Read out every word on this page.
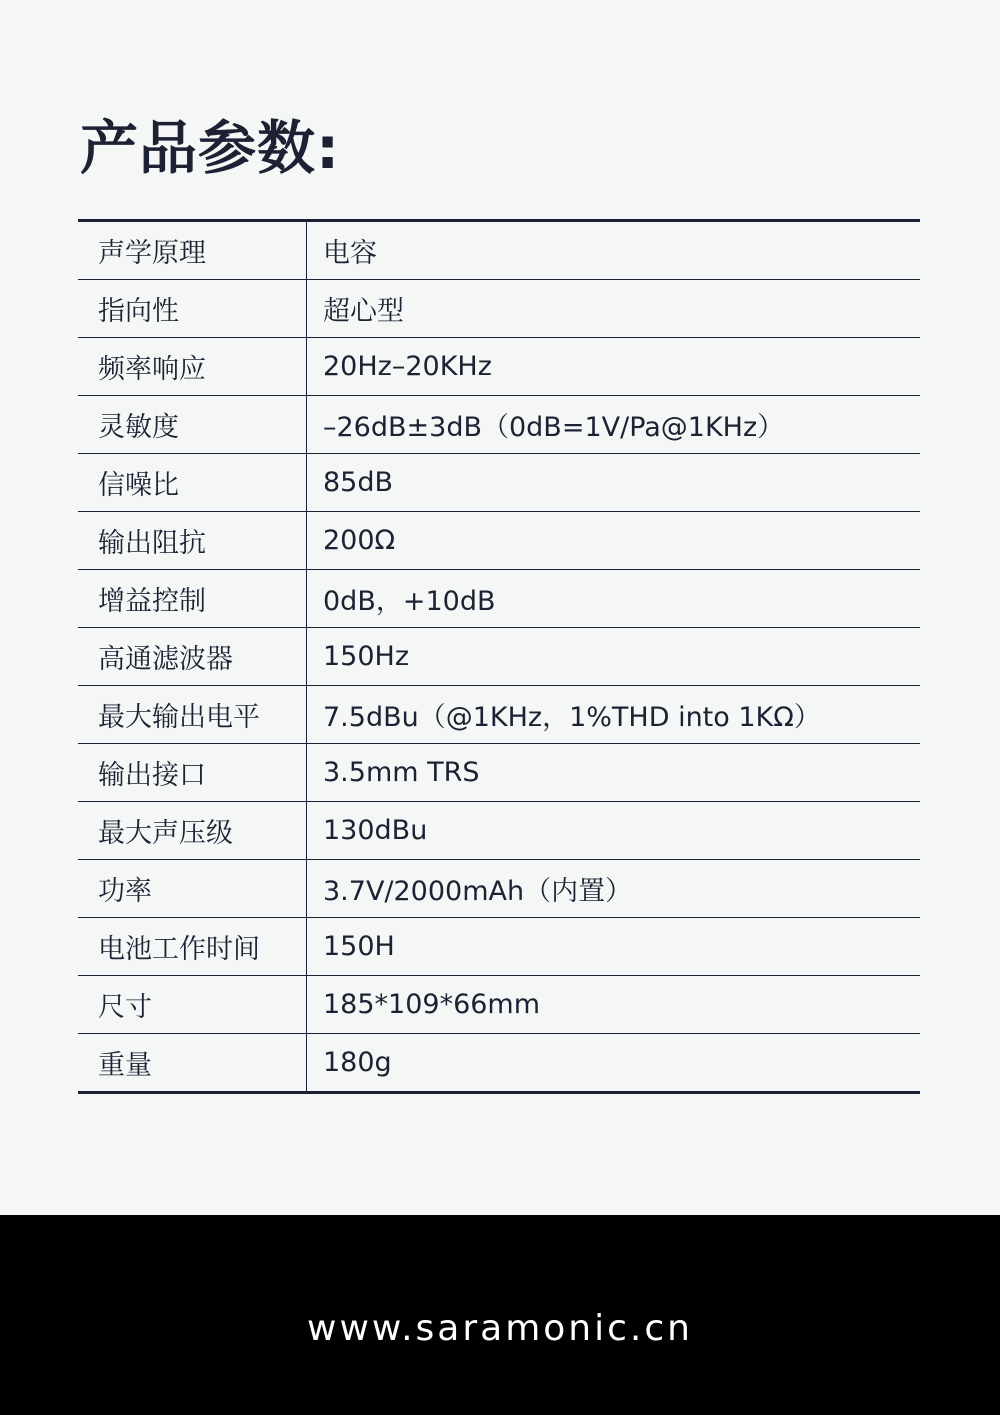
产品参数:
声学原理	电容
指向性	超心型
频率响应	20Hz–20KHz
灵敏度	–26dB±3dB（0dB=1V/Pa@1KHz）
信噪比	85dB
输出阻抗	200Ω
增益控制	0dB，+10dB
高通滤波器	150Hz
最大输出电平	7.5dBu（@1KHz，1%THD into 1KΩ）
输出接口	3.5mm TRS
最大声压级	130dBu
功率	3.7V/2000mAh（内置）
电池工作时间	150H
尺寸	185*109*66mm
重量	180g
www.saramonic.cn
